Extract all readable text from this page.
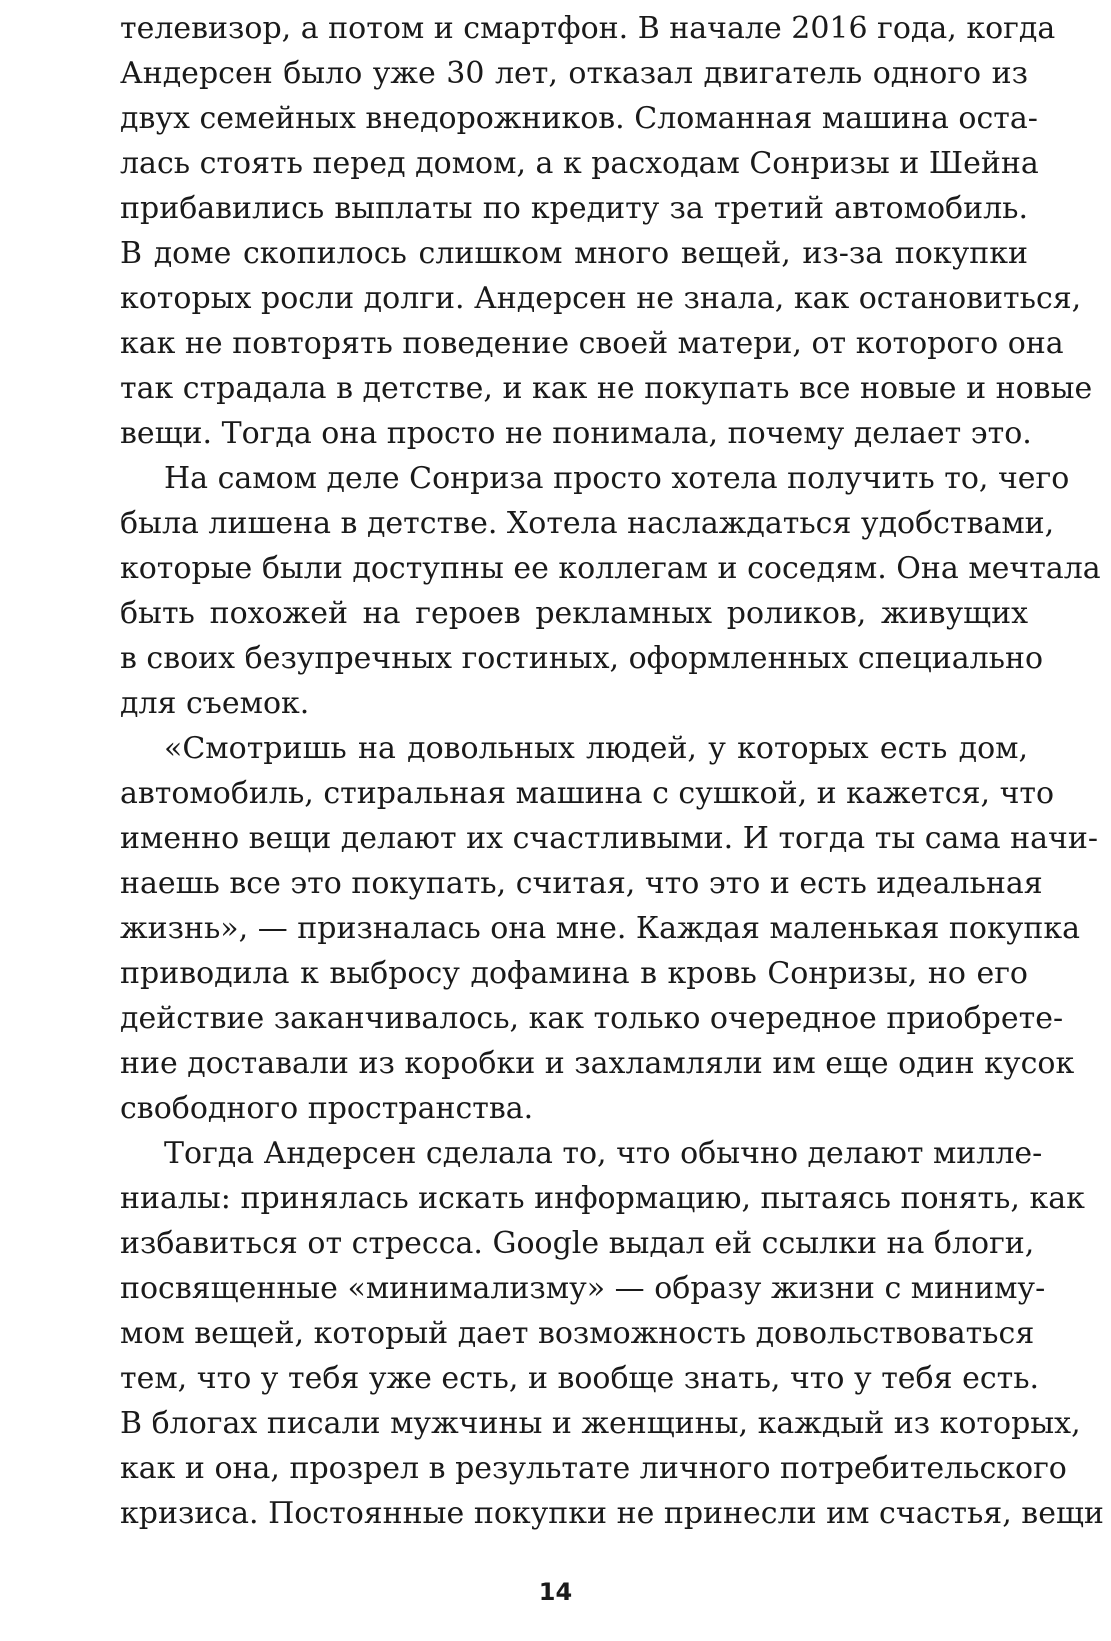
телевизор, а потом и смартфон. В начале 2016 года, когда
Андерсен было уже 30 лет, отказал двигатель одного из
двух семейных внедорожников. Сломанная машина оста-
лась стоять перед домом, а к расходам Сонризы и Шейна
прибавились выплаты по кредиту за третий автомобиль.
В доме скопилось слишком много вещей, из-за покупки
которых росли долги. Андерсен не знала, как остановиться,
как не повторять поведение своей матери, от которого она
так страдала в детстве, и как не покупать все новые и новые
вещи. Тогда она просто не понимала, почему делает это.
На самом деле Сонриза просто хотела получить то, чего
была лишена в детстве. Хотела наслаждаться удобствами,
которые были доступны ее коллегам и соседям. Она мечтала
быть похожей на героев рекламных роликов, живущих
в своих безупречных гостиных, оформленных специально
для съемок.
«Смотришь на довольных людей, у которых есть дом,
автомобиль, стиральная машина с сушкой, и кажется, что
именно вещи делают их счастливыми. И тогда ты сама начи-
наешь все это покупать, считая, что это и есть идеальная
жизнь», — призналась она мне. Каждая маленькая покупка
приводила к выбросу дофамина в кровь Сонризы, но его
действие заканчивалось, как только очередное приобрете-
ние доставали из коробки и захламляли им еще один кусок
свободного пространства.
Тогда Андерсен сделала то, что обычно делают милле-
ниалы: принялась искать информацию, пытаясь понять, как
избавиться от стресса. Google выдал ей ссылки на блоги,
посвященные «минимализму» — образу жизни с миниму-
мом вещей, который дает возможность довольствоваться
тем, что у тебя уже есть, и вообще знать, что у тебя есть.
В блогах писали мужчины и женщины, каждый из которых,
как и она, прозрел в результате личного потребительского
кризиса. Постоянные покупки не принесли им счастья, вещи
14
